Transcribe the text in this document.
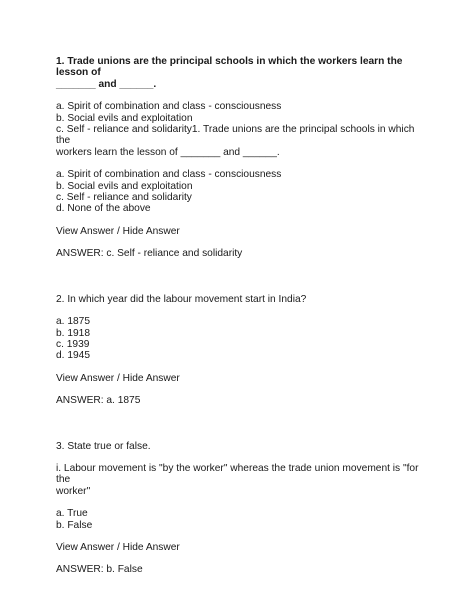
1. Trade unions are the principal schools in which the workers learn the lesson of

_______ and ______.

a. Spirit of combination and class - consciousness

b. Social evils and exploitation

c. Self - reliance and solidarity1. Trade unions are the principal schools in which the

workers learn the lesson of _______ and ______.

a. Spirit of combination and class - consciousness

b. Social evils and exploitation

c. Self - reliance and solidarity

d. None of the above

View Answer / Hide Answer

ANSWER: c. Self - reliance and solidarity

2. In which year did the labour movement start in India?

a. 1875

b. 1918

c. 1939

d. 1945

View Answer / Hide Answer

ANSWER: a. 1875

3. State true or false.

i. Labour movement is "by the worker" whereas the trade union movement is "for the

worker"

a. True

b. False

View Answer / Hide Answer

ANSWER: b. False
